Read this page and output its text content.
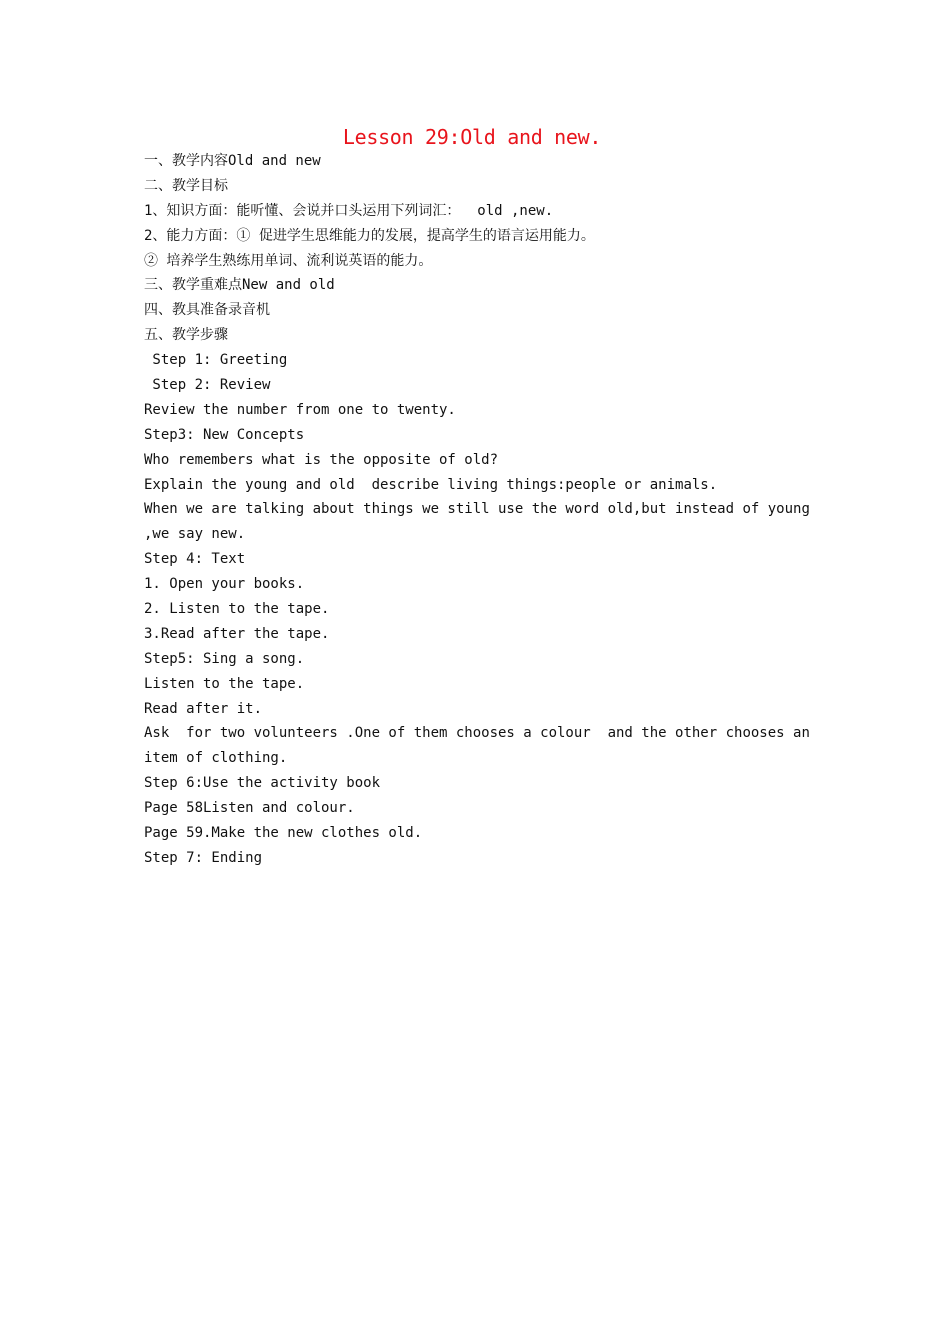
Lesson 29:Old and new.
一、教学内容Old and new
二、教学目标
1、知识方面：能听懂、会说并口头运用下列词汇：  old ,new.
2、能力方面：① 促进学生思维能力的发展，提高学生的语言运用能力。
② 培养学生熟练用单词、流利说英语的能力。
三、教学重难点New and old
四、教具准备录音机
五、教学步骤
Step 1: Greeting
Step 2: Review
Review the number from one to twenty.
Step3: New Concepts
Who remembers what is the opposite of old?
Explain the young and old  describe living things:people or animals.
When we are talking about things we still use the word old,but instead of young
,we say new.
Step 4: Text
1. Open your books.
2. Listen to the tape.
3.Read after the tape.
Step5: Sing a song.
Listen to the tape.
Read after it.
Ask  for two volunteers .One of them chooses a colour  and the other chooses an
item of clothing.
Step 6:Use the activity book
Page 58Listen and colour.
Page 59.Make the new clothes old.
Step 7: Ending
